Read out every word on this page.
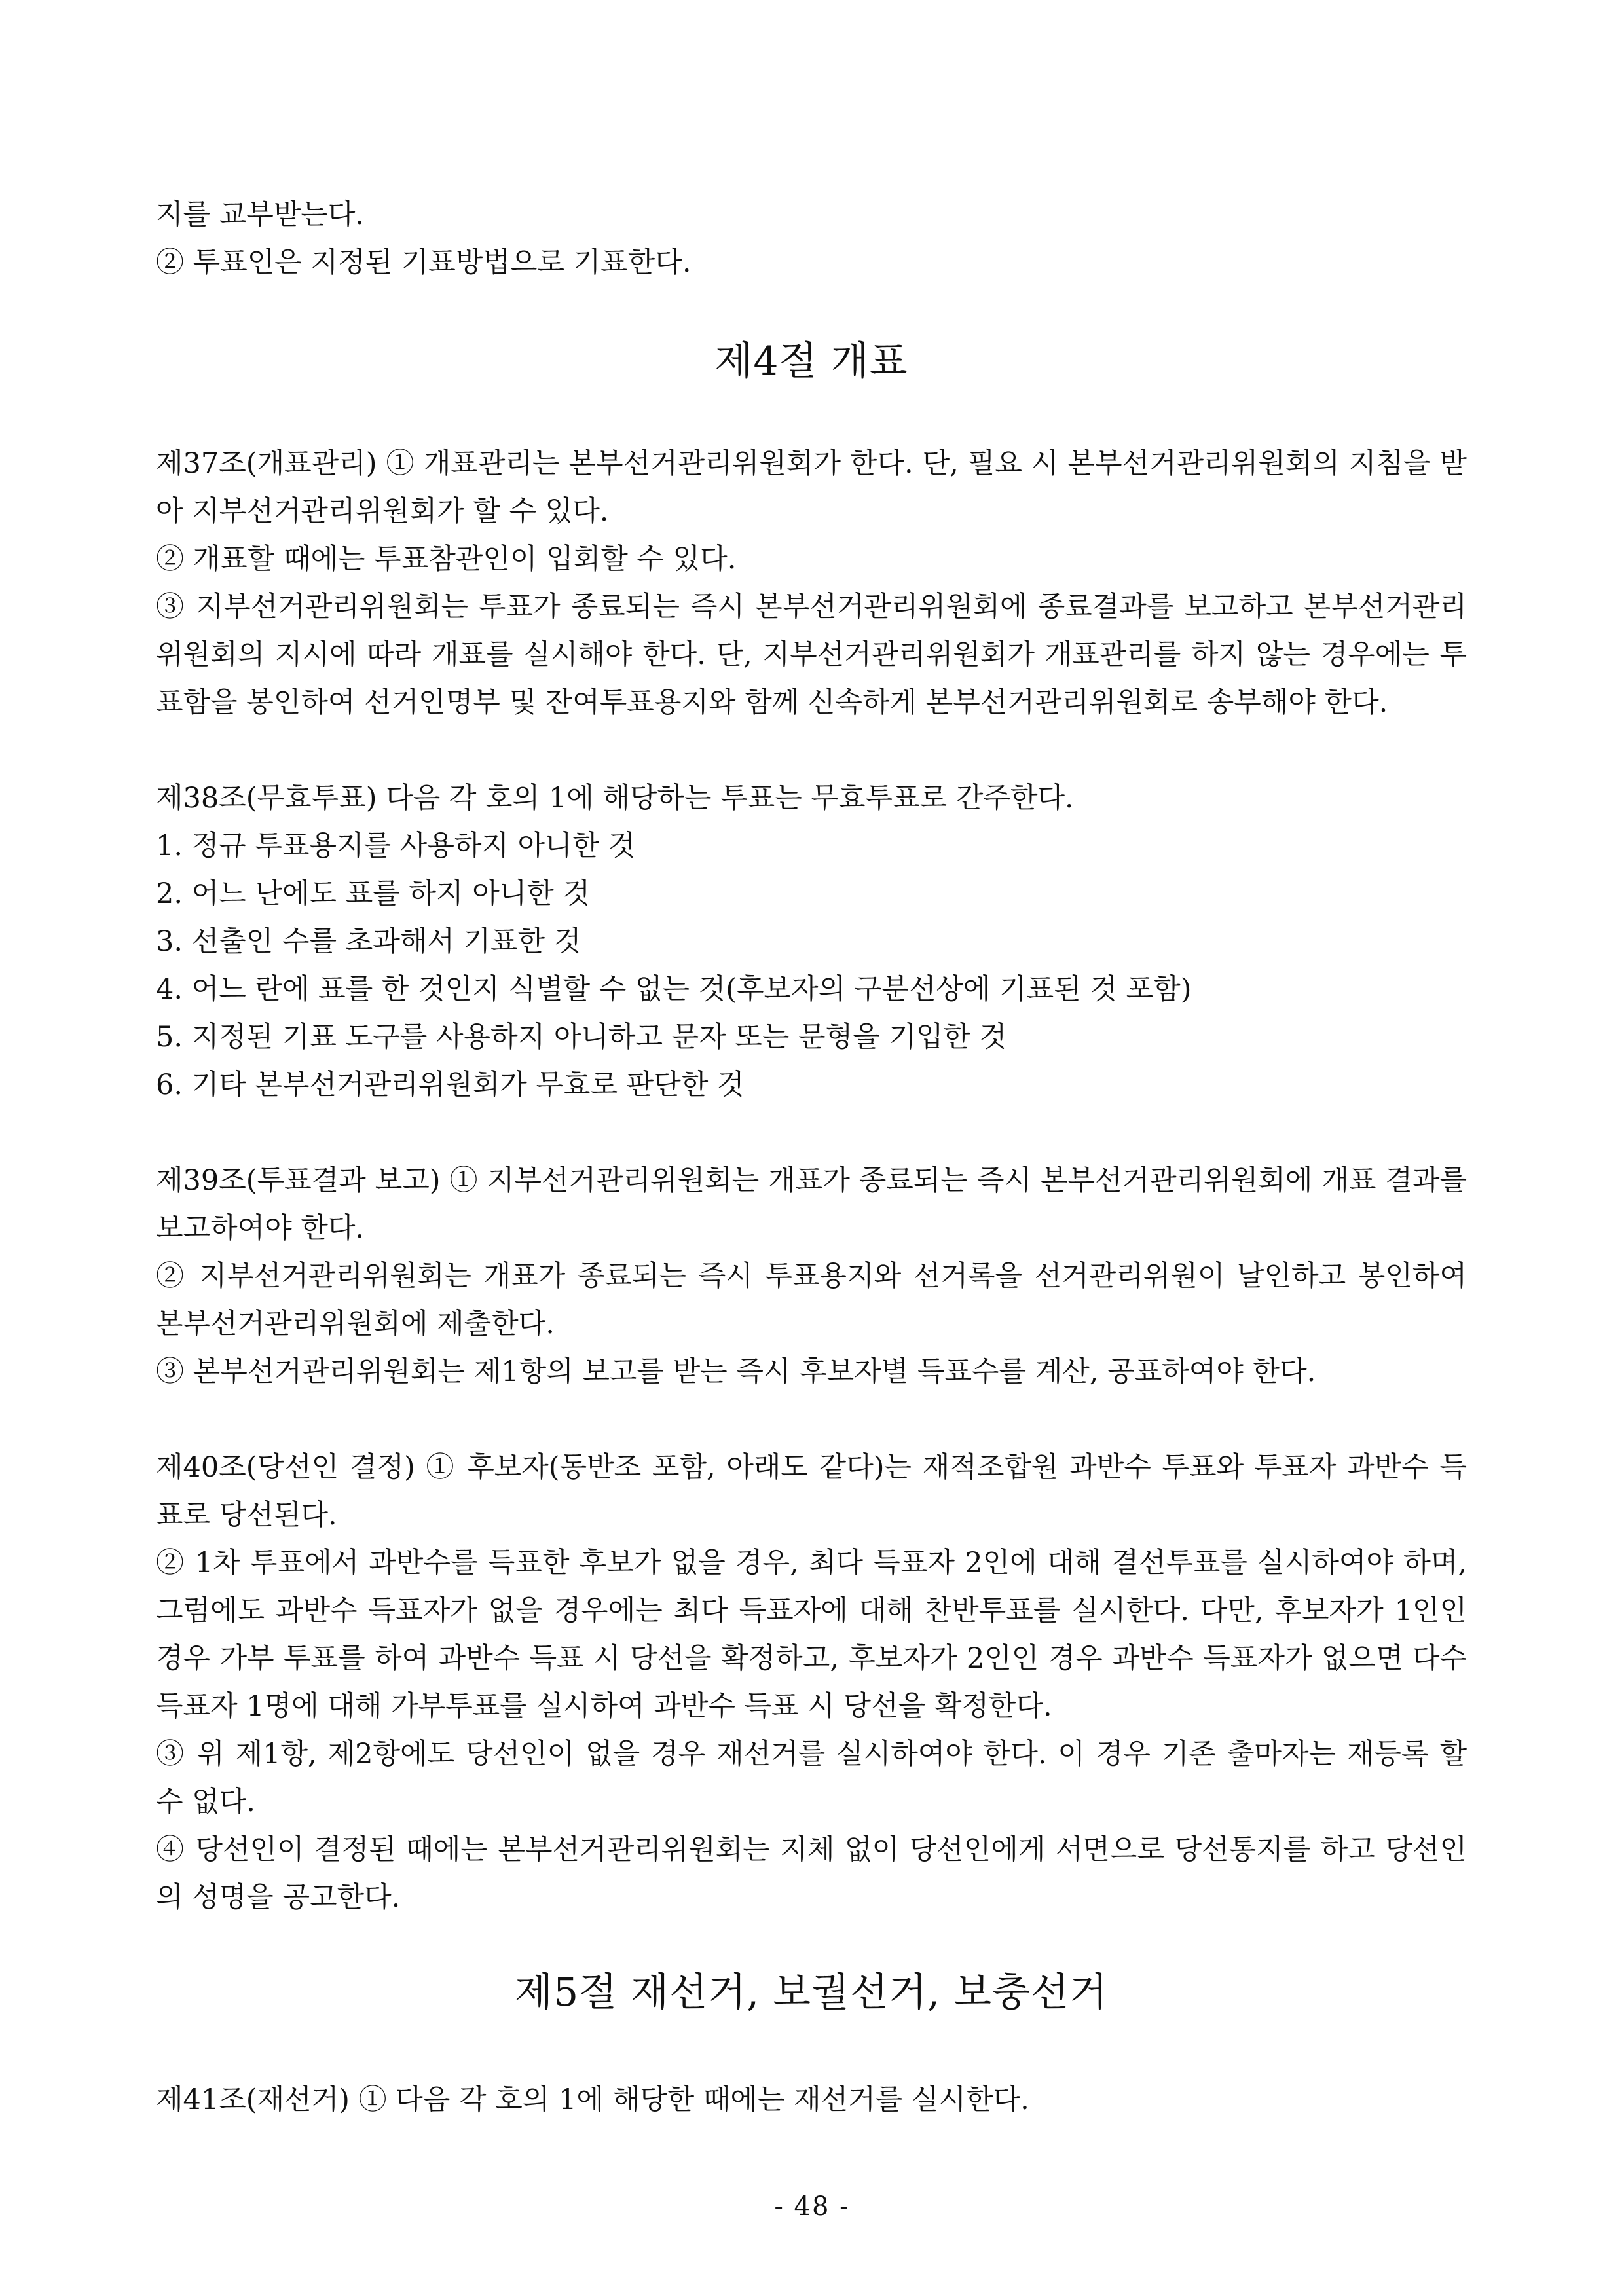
지를 교부받는다.

② 투표인은 지정된 기표방법으로 기표한다.

제4절 개표

제37조(개표관리) ① 개표관리는 본부선거관리위원회가 한다. 단, 필요 시 본부선거관리위원회의 지침을 받아 지부선거관리위원회가 할 수 있다.

② 개표할 때에는 투표참관인이 입회할 수 있다.

③ 지부선거관리위원회는 투표가 종료되는 즉시 본부선거관리위원회에 종료결과를 보고하고 본부선거관리위원회의 지시에 따라 개표를 실시해야 한다. 단, 지부선거관리위원회가 개표관리를 하지 않는 경우에는 투표함을 봉인하여 선거인명부 및 잔여투표용지와 함께 신속하게 본부선거관리위원회로 송부해야 한다.

제38조(무효투표) 다음 각 호의 1에 해당하는 투표는 무효투표로 간주한다.

1. 정규 투표용지를 사용하지 아니한 것

2. 어느 난에도 표를 하지 아니한 것

3. 선출인 수를 초과해서 기표한 것

4. 어느 란에 표를 한 것인지 식별할 수 없는 것(후보자의 구분선상에 기표된 것 포함)

5. 지정된 기표 도구를 사용하지 아니하고 문자 또는 문형을 기입한 것

6. 기타 본부선거관리위원회가 무효로 판단한 것

제39조(투표결과 보고) ① 지부선거관리위원회는 개표가 종료되는 즉시 본부선거관리위원회에 개표 결과를 보고하여야 한다.

② 지부선거관리위원회는 개표가 종료되는 즉시 투표용지와 선거록을 선거관리위원이 날인하고 봉인하여 본부선거관리위원회에 제출한다.

③ 본부선거관리위원회는 제1항의 보고를 받는 즉시 후보자별 득표수를 계산, 공표하여야 한다.

제40조(당선인 결정) ① 후보자(동반조 포함, 아래도 같다)는 재적조합원 과반수 투표와 투표자 과반수 득표로 당선된다.

② 1차 투표에서 과반수를 득표한 후보가 없을 경우, 최다 득표자 2인에 대해 결선투표를 실시하여야 하며, 그럼에도 과반수 득표자가 없을 경우에는 최다 득표자에 대해 찬반투표를 실시한다. 다만, 후보자가 1인인 경우 가부 투표를 하여 과반수 득표 시 당선을 확정하고, 후보자가 2인인 경우 과반수 득표자가 없으면 다수 득표자 1명에 대해 가부투표를 실시하여 과반수 득표 시 당선을 확정한다.

③ 위 제1항, 제2항에도 당선인이 없을 경우 재선거를 실시하여야 한다. 이 경우 기존 출마자는 재등록 할 수 없다.

④ 당선인이 결정된 때에는 본부선거관리위원회는 지체 없이 당선인에게 서면으로 당선통지를 하고 당선인의 성명을 공고한다.

제5절 재선거, 보궐선거, 보충선거

제41조(재선거) ① 다음 각 호의 1에 해당한 때에는 재선거를 실시한다.

- 48 -
